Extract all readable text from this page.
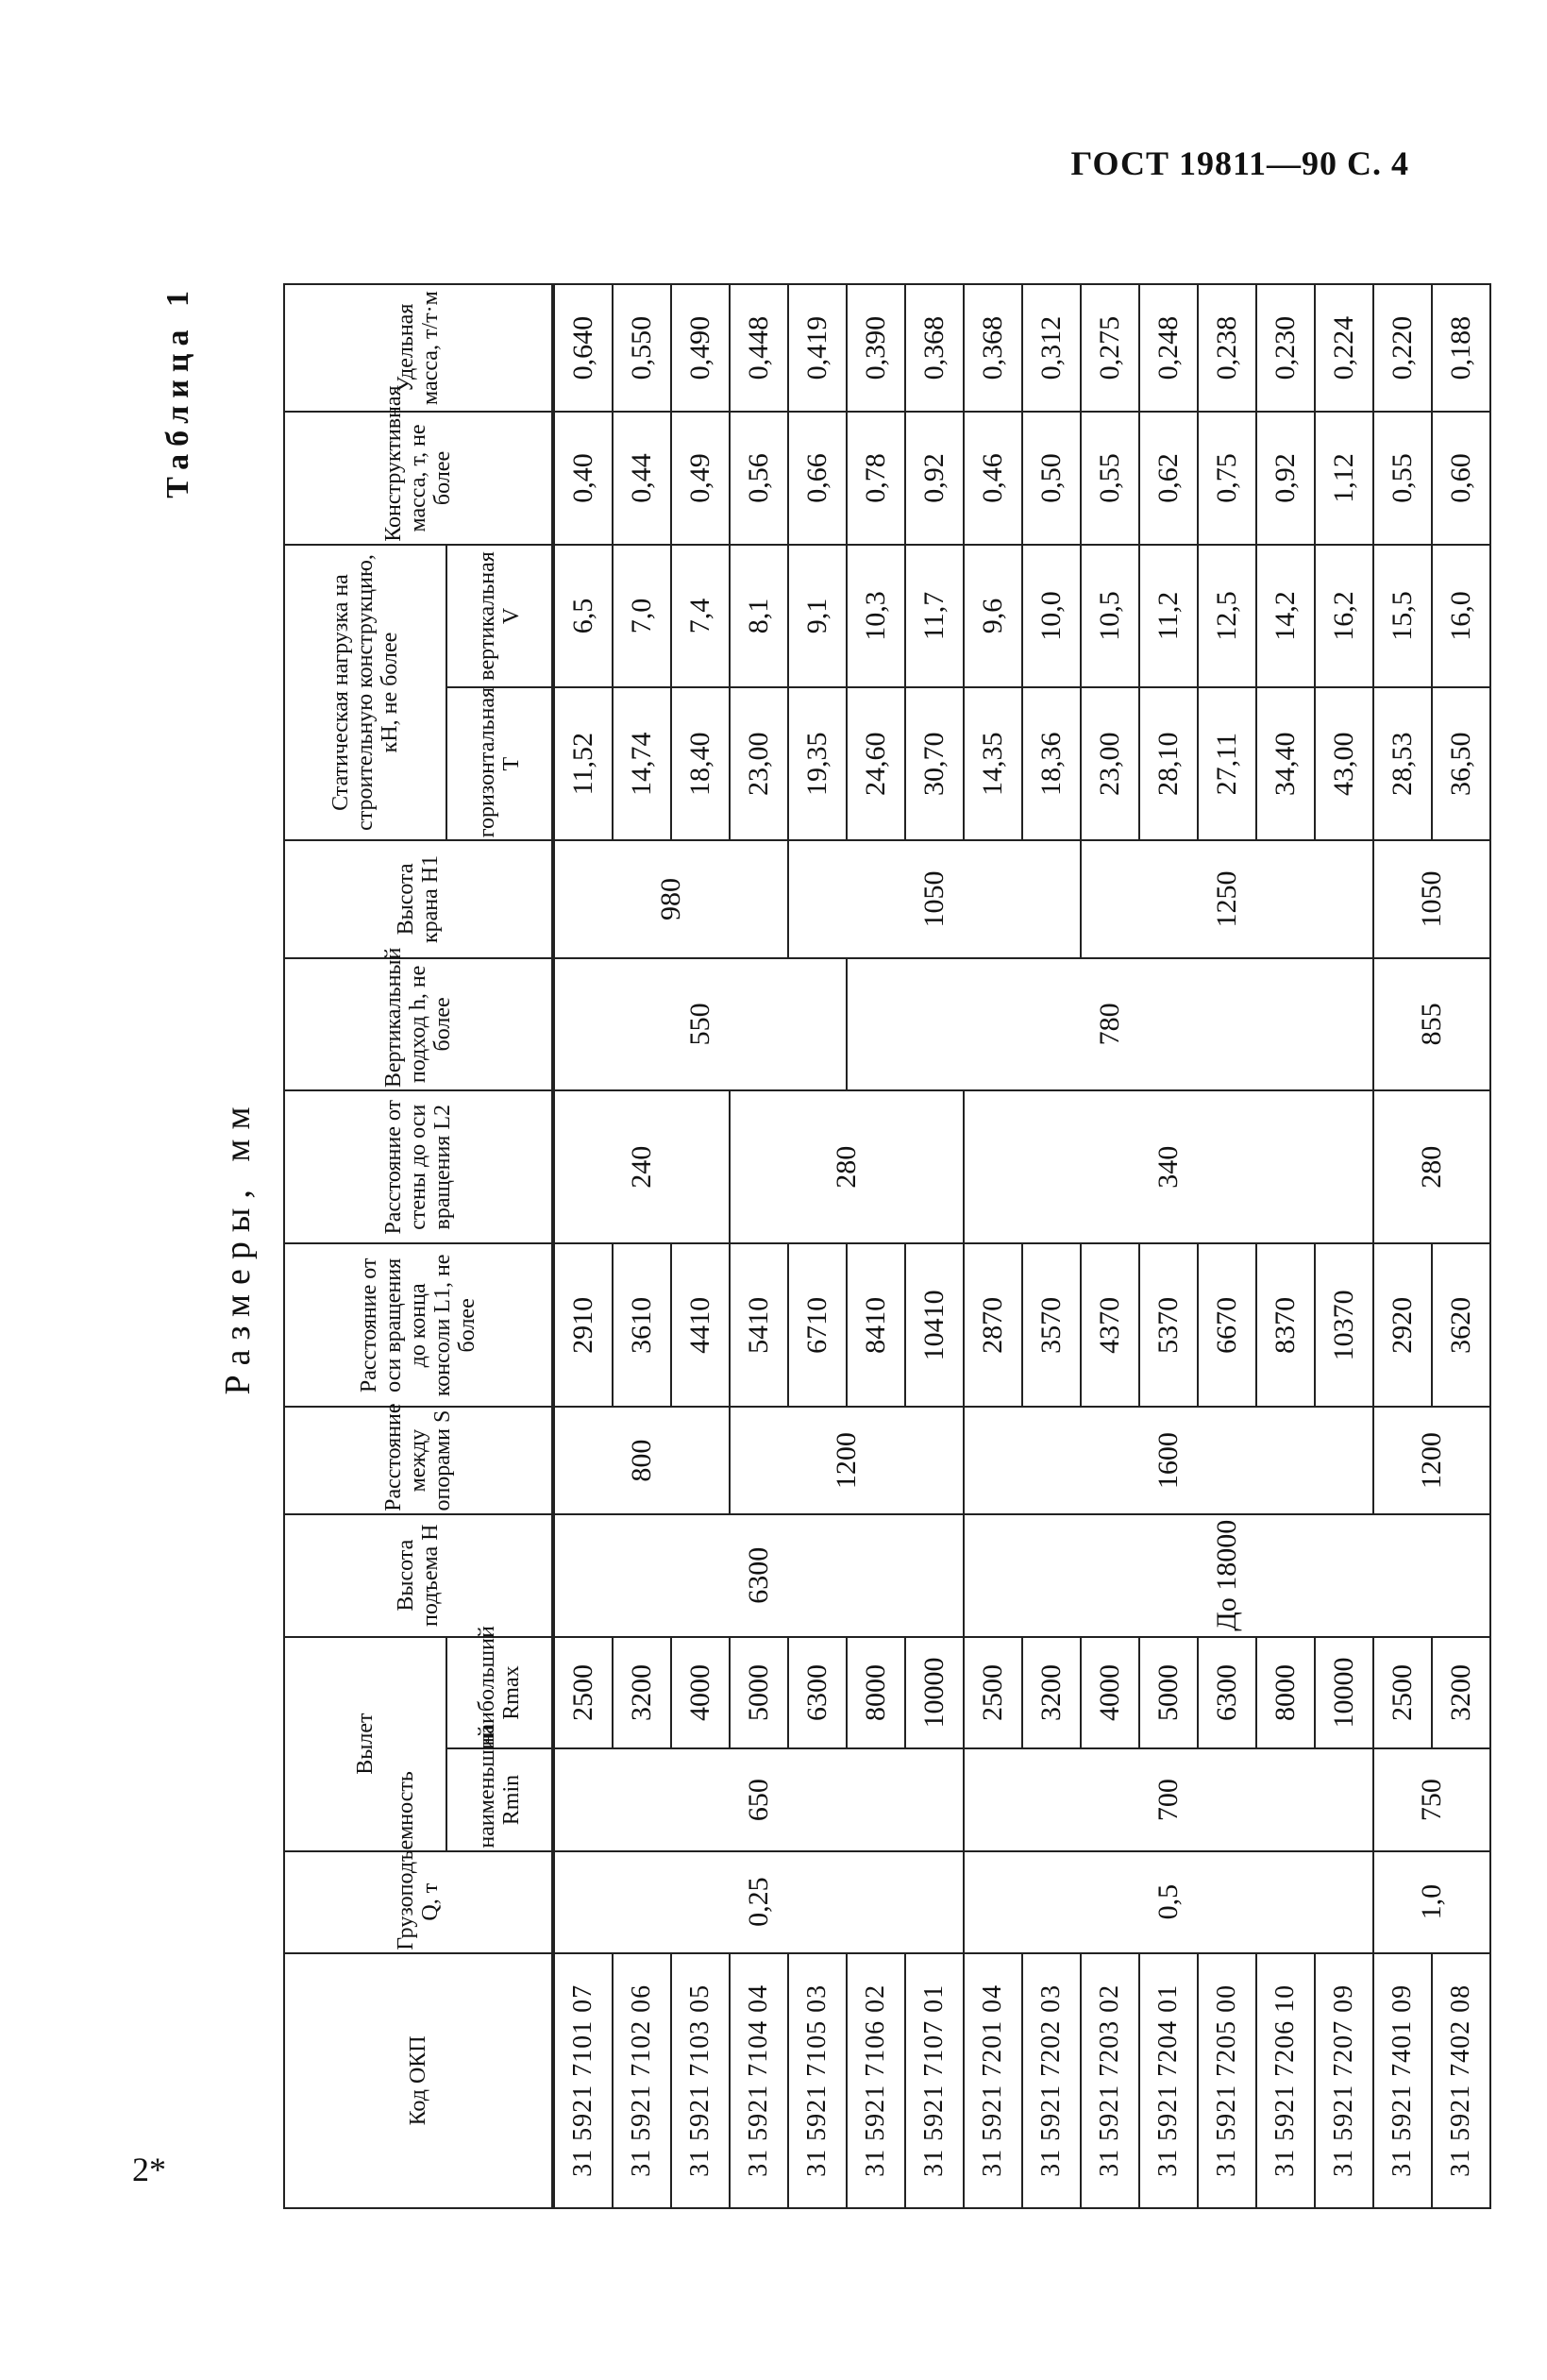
ГОСТ 19811—90 С. 4
2*
Таблица 1
Размеры, мм
Код ОКП	Грузоподъемность Q, т	Вылет		Высота подъема H	Расстояние между опорами S	Расстояние от оси вращения до конца консоли L1, не более	Расстояние от стены до оси вращения L2	Вертикальный подход h, не более	Высота крана H1	Статическая нагрузка на строительную конструкцию, кН, не более		Конструктивная масса, т, не более	Удельная масса, т/т·м
		наименьший Rmin	наибольший Rmax							горизонтальная T	вертикальная V		
31 5921 7101 07	0,25	650	2500	6300	800	2910	240	550	980	11,52	6,5	0,40	0,640
31 5921 7102 06			3200			3610				14,74	7,0	0,44	0,550
31 5921 7103 05			4000			4410				18,40	7,4	0,49	0,490
31 5921 7104 04			5000		1200	5410	280			23,00	8,1	0,56	0,448
31 5921 7105 03			6300			6710			1050	19,35	9,1	0,66	0,419
31 5921 7106 02			8000			8410		780		24,60	10,3	0,78	0,390
31 5921 7107 01			10000			10410				30,70	11,7	0,92	0,368
31 5921 7201 04	0,5	700	2500	До 18000	1600	2870	340			14,35	9,6	0,46	0,368
31 5921 7202 03			3200			3570				18,36	10,0	0,50	0,312
31 5921 7203 02			4000			4370			1250	23,00	10,5	0,55	0,275
31 5921 7204 01			5000			5370				28,10	11,2	0,62	0,248
31 5921 7205 00			6300			6670				27,11	12,5	0,75	0,238
31 5921 7206 10			8000			8370				34,40	14,2	0,92	0,230
31 5921 7207 09			10000			10370				43,00	16,2	1,12	0,224
31 5921 7401 09	1,0	750	2500		1200	2920	280	855	1050	28,53	15,5	0,55	0,220
31 5921 7402 08			3200			3620				36,50	16,0	0,60	0,188
